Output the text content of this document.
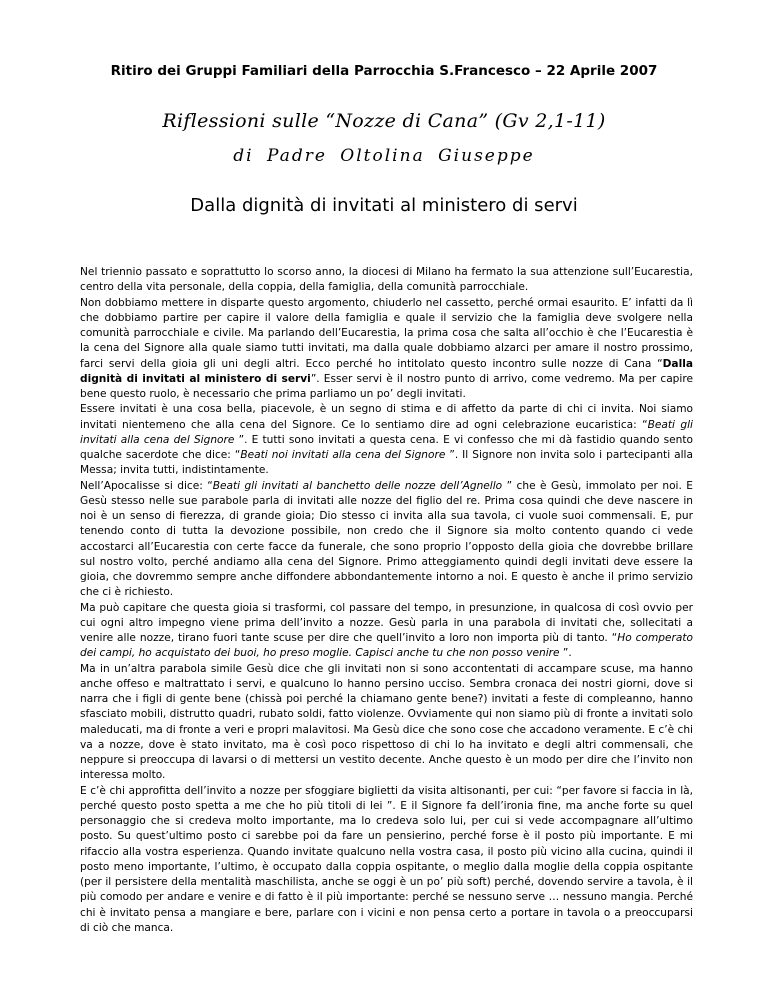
Ritiro dei Gruppi Familiari della Parrocchia S.Francesco – 22 Aprile 2007
Riflessioni sulle “Nozze di Cana” (Gv 2,1-11)
di Padre Oltolina Giuseppe
Dalla dignità di invitati al ministero di servi

Nel triennio passato e soprattutto lo scorso anno, la diocesi di Milano ha fermato la sua attenzione sull’Eucarestia, centro della vita personale, della coppia, della famiglia, della comunità parrocchiale.

Non dobbiamo mettere in disparte questo argomento, chiuderlo nel cassetto, perché ormai esaurito. E’ infatti da lì che dobbiamo partire per capire il valore della famiglia e quale il servizio che la famiglia deve svolgere nella comunità parrocchiale e civile. Ma parlando dell’Eucarestia, la prima cosa che salta all’occhio è che l’Eucarestia è la cena del Signore alla quale siamo tutti invitati, ma dalla quale dobbiamo alzarci per amare il nostro prossimo, farci servi della gioia gli uni degli altri. Ecco perché ho intitolato questo incontro sulle nozze di Cana “Dalla dignità di invitati al ministero di servi”. Esser servi è il nostro punto di arrivo, come vedremo. Ma per capire bene questo ruolo, è necessario che prima parliamo un po’ degli invitati.

Essere invitati è una cosa bella, piacevole, è un segno di stima e di affetto da parte di chi ci invita. Noi siamo invitati nientemeno che alla cena del Signore. Ce lo sentiamo dire ad ogni celebrazione eucaristica: “Beati gli invitati alla cena del Signore ”. E tutti sono invitati a questa cena. E vi confesso che mi dà fastidio quando sento qualche sacerdote che dice: “Beati noi invitati alla cena del Signore ”. Il Signore non invita solo i partecipanti alla Messa; invita tutti, indistintamente.

Nell’Apocalisse si dice: “Beati gli invitati al banchetto delle nozze dell’Agnello ” che è Gesù, immolato per noi. E Gesù stesso nelle sue parabole parla di invitati alle nozze del figlio del re. Prima cosa quindi che deve nascere in noi è un senso di fierezza, di grande gioia; Dio stesso ci invita alla sua tavola, ci vuole suoi commensali. E, pur tenendo conto di tutta la devozione possibile, non credo che il Signore sia molto contento quando ci vede accostarci all’Eucarestia con certe facce da funerale, che sono proprio l’opposto della gioia che dovrebbe brillare sul nostro volto, perché andiamo alla cena del Signore. Primo atteggiamento quindi degli invitati deve essere la gioia, che dovremmo sempre anche diffondere abbondantemente intorno a noi. E questo è anche il primo servizio che ci è richiesto.

Ma può capitare che questa gioia si trasformi, col passare del tempo, in presunzione, in qualcosa di così ovvio per cui ogni altro impegno viene prima dell’invito a nozze. Gesù parla in una parabola di invitati che, sollecitati a venire alle nozze, tirano fuori tante scuse per dire che quell’invito a loro non importa più di tanto. “Ho comperato dei campi, ho acquistato dei buoi, ho preso moglie. Capisci anche tu che non posso venire ”.

Ma in un’altra parabola simile Gesù dice che gli invitati non si sono accontentati di accampare scuse, ma hanno anche offeso e maltrattato i servi, e qualcuno lo hanno persino ucciso. Sembra cronaca dei nostri giorni, dove si narra che i figli di gente bene (chissà poi perché la chiamano gente bene?) invitati a feste di compleanno, hanno sfasciato mobili, distrutto quadri, rubato soldi, fatto violenze. Ovviamente qui non siamo più di fronte a invitati solo maleducati, ma di fronte a veri e propri malavitosi. Ma Gesù dice che sono cose che accadono veramente. E c’è chi va a nozze, dove è stato invitato, ma è così poco rispettoso di chi lo ha invitato e degli altri commensali, che neppure si preoccupa di lavarsi o di mettersi un vestito decente. Anche questo è un modo per dire che l’invito non interessa molto.

E c’è chi approfitta dell’invito a nozze per sfoggiare biglietti da visita altisonanti, per cui: “per favore si faccia in là, perché questo posto spetta a me che ho più titoli di lei ”. E il Signore fa dell’ironia fine, ma anche forte su quel personaggio che si credeva molto importante, ma lo credeva solo lui, per cui si vede accompagnare all’ultimo posto. Su quest’ultimo posto ci sarebbe poi da fare un pensierino, perché forse è il posto più importante. E mi rifaccio alla vostra esperienza. Quando invitate qualcuno nella vostra casa, il posto più vicino alla cucina, quindi il posto meno importante, l’ultimo, è occupato dalla coppia ospitante, o meglio dalla moglie della coppia ospitante (per il persistere della mentalità maschilista, anche se oggi è un po’ più soft) perché, dovendo servire a tavola, è il più comodo per andare e venire e di fatto è il più importante: perché se nessuno serve … nessuno mangia. Perché chi è invitato pensa a mangiare e bere, parlare con i vicini e non pensa certo a portare in tavola o a preoccuparsi di ciò che manca.
